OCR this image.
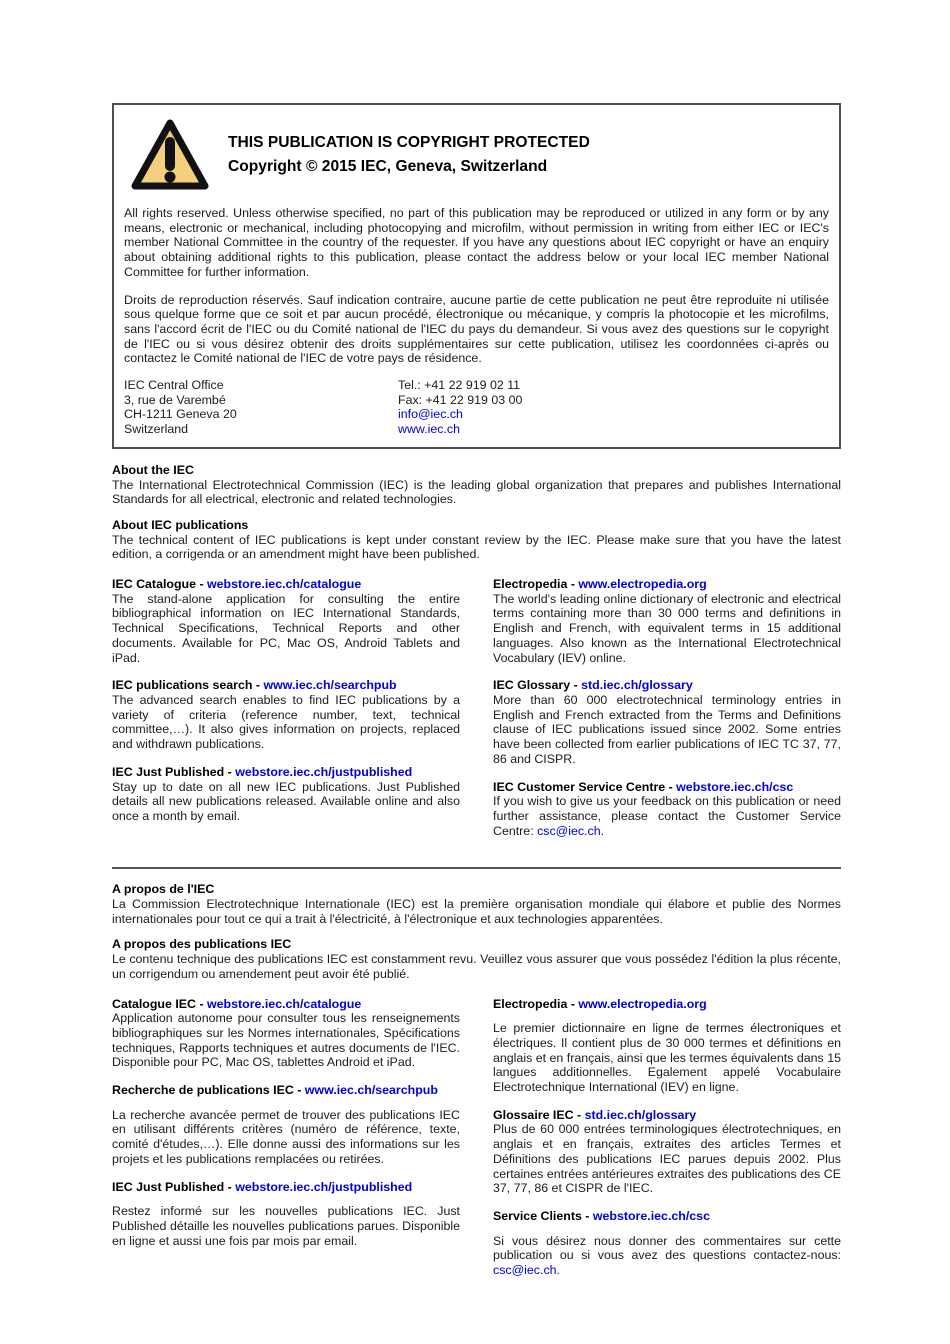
THIS PUBLICATION IS COPYRIGHT PROTECTED
Copyright © 2015 IEC, Geneva, Switzerland

All rights reserved. Unless otherwise specified, no part of this publication may be reproduced or utilized in any form or by any means, electronic or mechanical, including photocopying and microfilm, without permission in writing from either IEC or IEC's member National Committee in the country of the requester. If you have any questions about IEC copyright or have an enquiry about obtaining additional rights to this publication, please contact the address below or your local IEC member National Committee for further information.

Droits de reproduction réservés. Sauf indication contraire, aucune partie de cette publication ne peut être reproduite ni utilisée sous quelque forme que ce soit et par aucun procédé, électronique ou mécanique, y compris la photocopie et les microfilms, sans l'accord écrit de l'IEC ou du Comité national de l'IEC du pays du demandeur. Si vous avez des questions sur le copyright de l'IEC ou si vous désirez obtenir des droits supplémentaires sur cette publication, utilisez les coordonnées ci-après ou contactez le Comité national de l'IEC de votre pays de résidence.

IEC Central Office
3, rue de Varembé
CH-1211 Geneva 20
Switzerland
Tel.: +41 22 919 02 11
Fax: +41 22 919 03 00
info@iec.ch
www.iec.ch
About the IEC

The International Electrotechnical Commission (IEC) is the leading global organization that prepares and publishes International Standards for all electrical, electronic and related technologies.

About IEC publications

The technical content of IEC publications is kept under constant review by the IEC. Please make sure that you have the latest edition, a corrigenda or an amendment might have been published.

IEC Catalogue - webstore.iec.ch/catalogue
The stand-alone application for consulting the entire bibliographical information on IEC International Standards, Technical Specifications, Technical Reports and other documents. Available for PC, Mac OS, Android Tablets and iPad.
IEC publications search - www.iec.ch/searchpub
The advanced search enables to find IEC publications by a variety of criteria (reference number, text, technical committee,…). It also gives information on projects, replaced and withdrawn publications.
IEC Just Published - webstore.iec.ch/justpublished
Stay up to date on all new IEC publications. Just Published details all new publications released. Available online and also once a month by email.
Electropedia - www.electropedia.org
The world's leading online dictionary of electronic and electrical terms containing more than 30 000 terms and definitions in English and French, with equivalent terms in 15 additional languages. Also known as the International Electrotechnical Vocabulary (IEV) online.
IEC Glossary - std.iec.ch/glossary
More than 60 000 electrotechnical terminology entries in English and French extracted from the Terms and Definitions clause of IEC publications issued since 2002. Some entries have been collected from earlier publications of IEC TC 37, 77, 86 and CISPR.
IEC Customer Service Centre - webstore.iec.ch/csc
If you wish to give us your feedback on this publication or need further assistance, please contact the Customer Service Centre: csc@iec.ch.
A propos de l'IEC

La Commission Electrotechnique Internationale (IEC) est la première organisation mondiale qui élabore et publie des Normes internationales pour tout ce qui a trait à l'électricité, à l'électronique et aux technologies apparentées.

A propos des publications IEC

Le contenu technique des publications IEC est constamment revu. Veuillez vous assurer que vous possédez l'édition la plus récente, un corrigendum ou amendement peut avoir été publié.

Catalogue IEC - webstore.iec.ch/catalogue
Application autonome pour consulter tous les renseignements bibliographiques sur les Normes internationales, Spécifications techniques, Rapports techniques et autres documents de l'IEC. Disponible pour PC, Mac OS, tablettes Android et iPad.
Recherche de publications IEC - www.iec.ch/searchpub
La recherche avancée permet de trouver des publications IEC en utilisant différents critères (numéro de référence, texte, comité d'études,…). Elle donne aussi des informations sur les projets et les publications remplacées ou retirées.
IEC Just Published - webstore.iec.ch/justpublished
Restez informé sur les nouvelles publications IEC. Just Published détaille les nouvelles publications parues. Disponible en ligne et aussi une fois par mois par email.
Electropedia - www.electropedia.org
Le premier dictionnaire en ligne de termes électroniques et électriques. Il contient plus de 30 000 termes et définitions en anglais et en français, ainsi que les termes équivalents dans 15 langues additionnelles. Egalement appelé Vocabulaire Electrotechnique International (IEV) en ligne.
Glossaire IEC - std.iec.ch/glossary
Plus de 60 000 entrées terminologiques électrotechniques, en anglais et en français, extraites des articles Termes et Définitions des publications IEC parues depuis 2002. Plus certaines entrées antérieures extraites des publications des CE 37, 77, 86 et CISPR de l'IEC.
Service Clients - webstore.iec.ch/csc
Si vous désirez nous donner des commentaires sur cette publication ou si vous avez des questions contactez-nous: csc@iec.ch.
